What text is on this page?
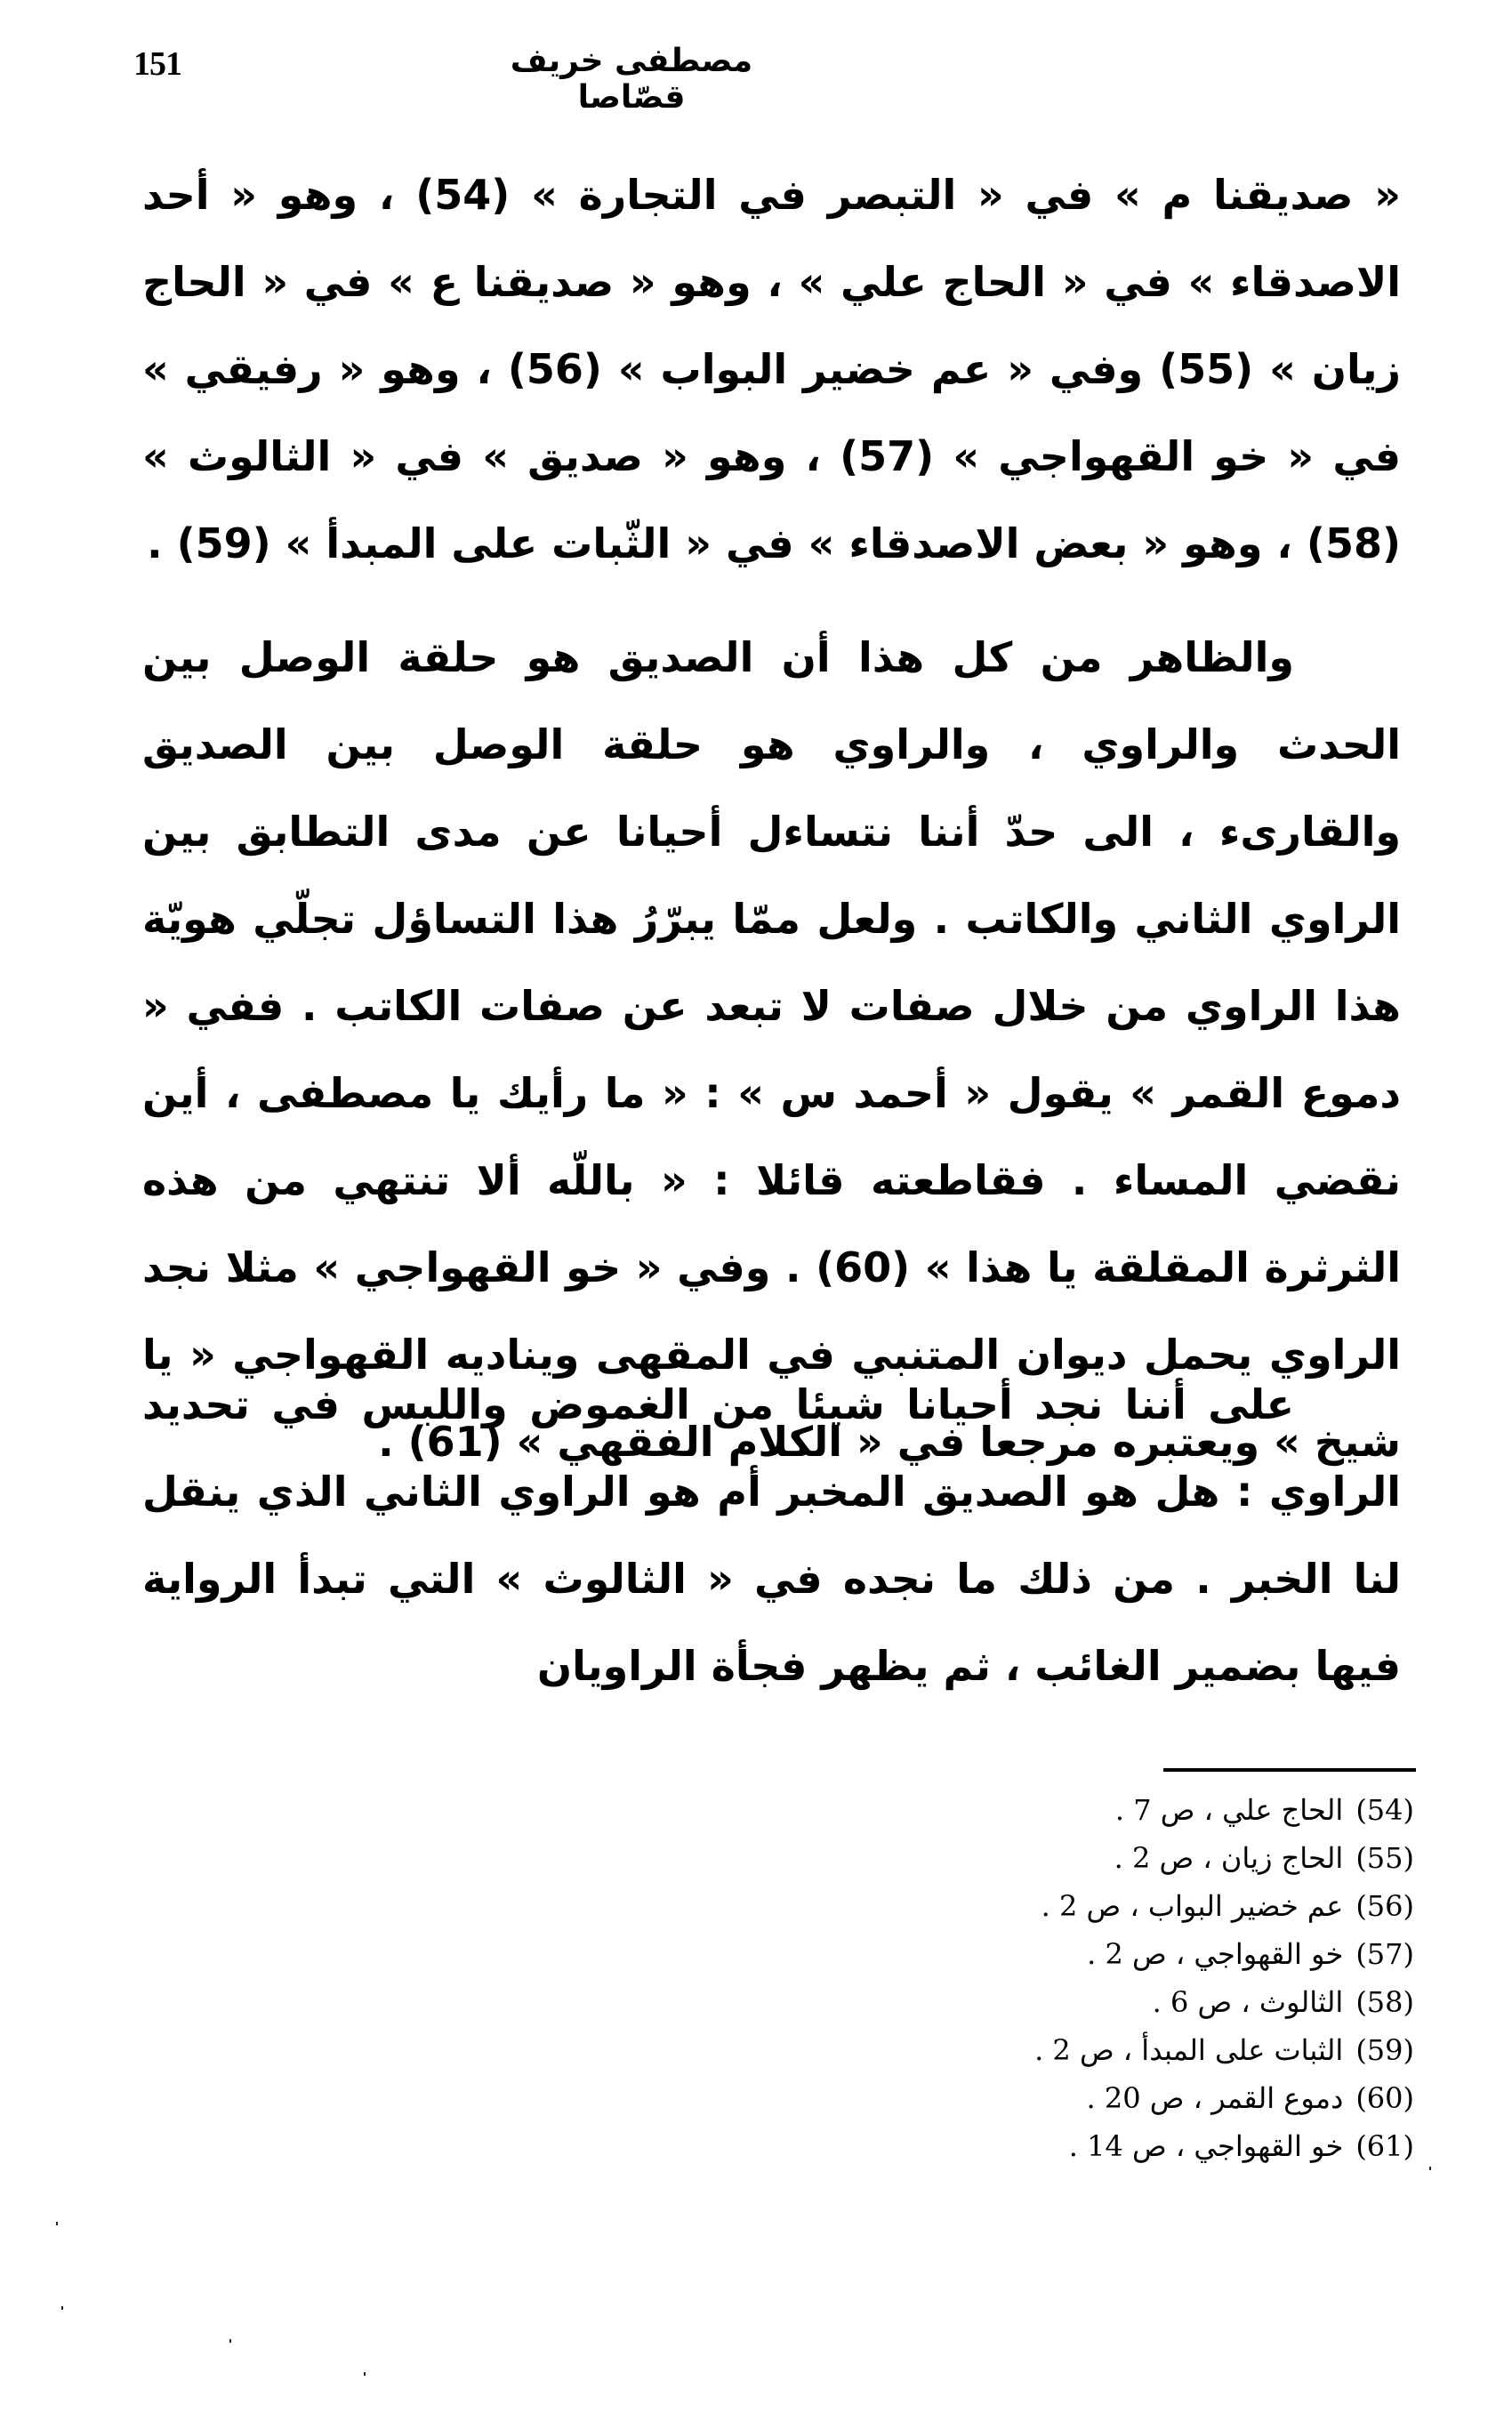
151	مصطفى خريف قصّاصا

« صديقنا م » في « التبصر في التجارة » (54) ، وهو « أحد الاصدقاء » في « الحاج علي » ، وهو « صديقنا ع » في « الحاج زيان » (55) وفي « عم خضير البواب » (56) ، وهو « رفيقي » في « خو القهواجي » (57) ، وهو « صديق » في « الثالوث » (58) ، وهو « بعض الاصدقاء » في « الثّبات على المبدأ » (59) .

والظاهر من كل هذا أن الصديق هو حلقة الوصل بين الحدث والراوي ، والراوي هو حلقة الوصل بين الصديق والقارىء ، الى حدّ أننا نتساءل أحيانا عن مدى التطابق بين الراوي الثاني والكاتب . ولعل ممّا يبرّرُ هذا التساؤل تجلّي هويّة هذا الراوي من خلال صفات لا تبعد عن صفات الكاتب . ففي « دموع القمر » يقول « أحمد س » : « ما رأيك يا مصطفى ، أين نقضي المساء . فقاطعته قائلا : « باللّه ألا تنتهي من هذه الثرثرة المقلقة يا هذا » (60) . وفي « خو القهواجي » مثلا نجد الراوي يحمل ديوان المتنبي في المقهى ويناديه القهواجي « يا شيخ » ويعتبره مرجعا في « الكلام الفقهي » (61) .

على أننا نجد أحيانا شيئا من الغموض واللبس في تحديد الراوي : هل هو الصديق المخبر أم هو الراوي الثاني الذي ينقل لنا الخبر . من ذلك ما نجده في « الثالوث » التي تبدأ الرواية فيها بضمير الغائب ، ثم يظهر فجأة الراويان

(54)الحاج علي ، ص 7 .
(55)الحاج زيان ، ص 2 .
(56)عم خضير البواب ، ص 2 .
(57)خو القهواجي ، ص 2 .
(58)الثالوث ، ص 6 .
(59)الثبات على المبدأ ، ص 2 .
(60)دموع القمر ، ص 20 .
(61)خو القهواجي ، ص 14 .
